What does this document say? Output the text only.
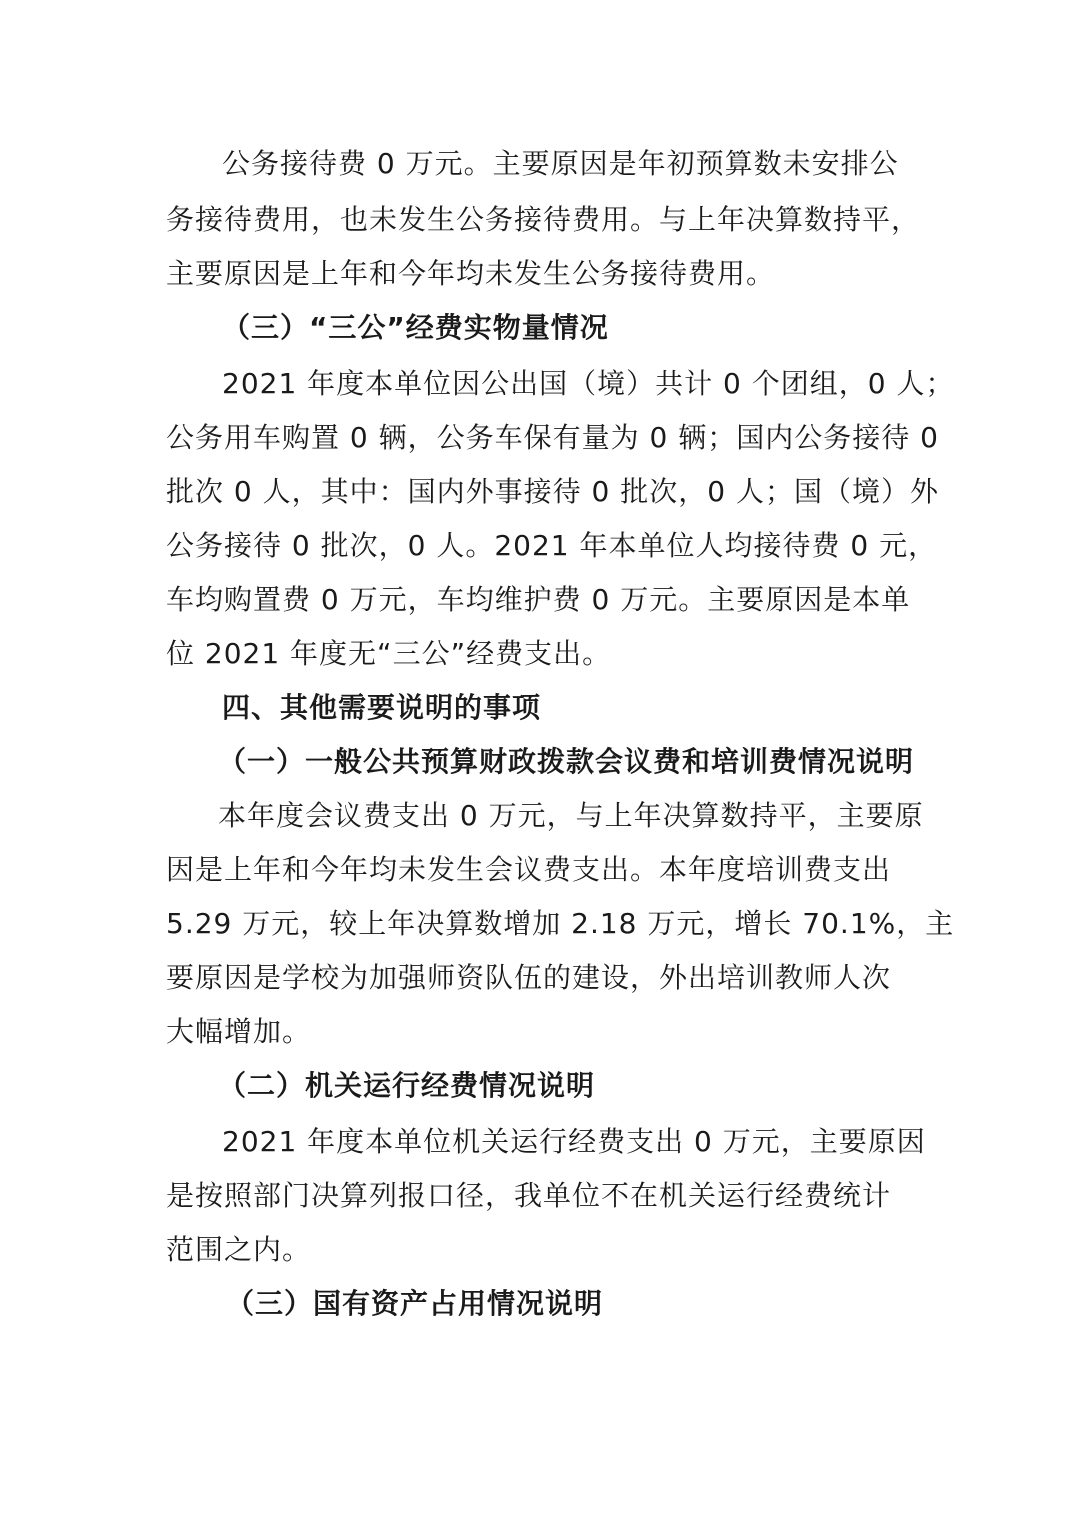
公务接待费 0 万元。主要原因是年初预算数未安排公
务接待费用，也未发生公务接待费用。与上年决算数持平，
主要原因是上年和今年均未发生公务接待费用。
（三）“三公”经费实物量情况
2021 年度本单位因公出国（境）共计 0 个团组，0 人；
公务用车购置 0 辆，公务车保有量为 0 辆；国内公务接待 0
批次 0 人，其中：国内外事接待 0 批次，0 人；国（境）外
公务接待 0 批次，0 人。2021 年本单位人均接待费 0 元，
车均购置费 0 万元，车均维护费 0 万元。主要原因是本单
位 2021 年度无“三公”经费支出。
四、其他需要说明的事项
（一）一般公共预算财政拨款会议费和培训费情况说明
本年度会议费支出 0 万元，与上年决算数持平，主要原
因是上年和今年均未发生会议费支出。本年度培训费支出
5.29 万元，较上年决算数增加 2.18 万元，增长 70.1%，主
要原因是学校为加强师资队伍的建设，外出培训教师人次
大幅增加。
（二）机关运行经费情况说明
2021 年度本单位机关运行经费支出 0 万元，主要原因
是按照部门决算列报口径，我单位不在机关运行经费统计
范围之内。
（三）国有资产占用情况说明
